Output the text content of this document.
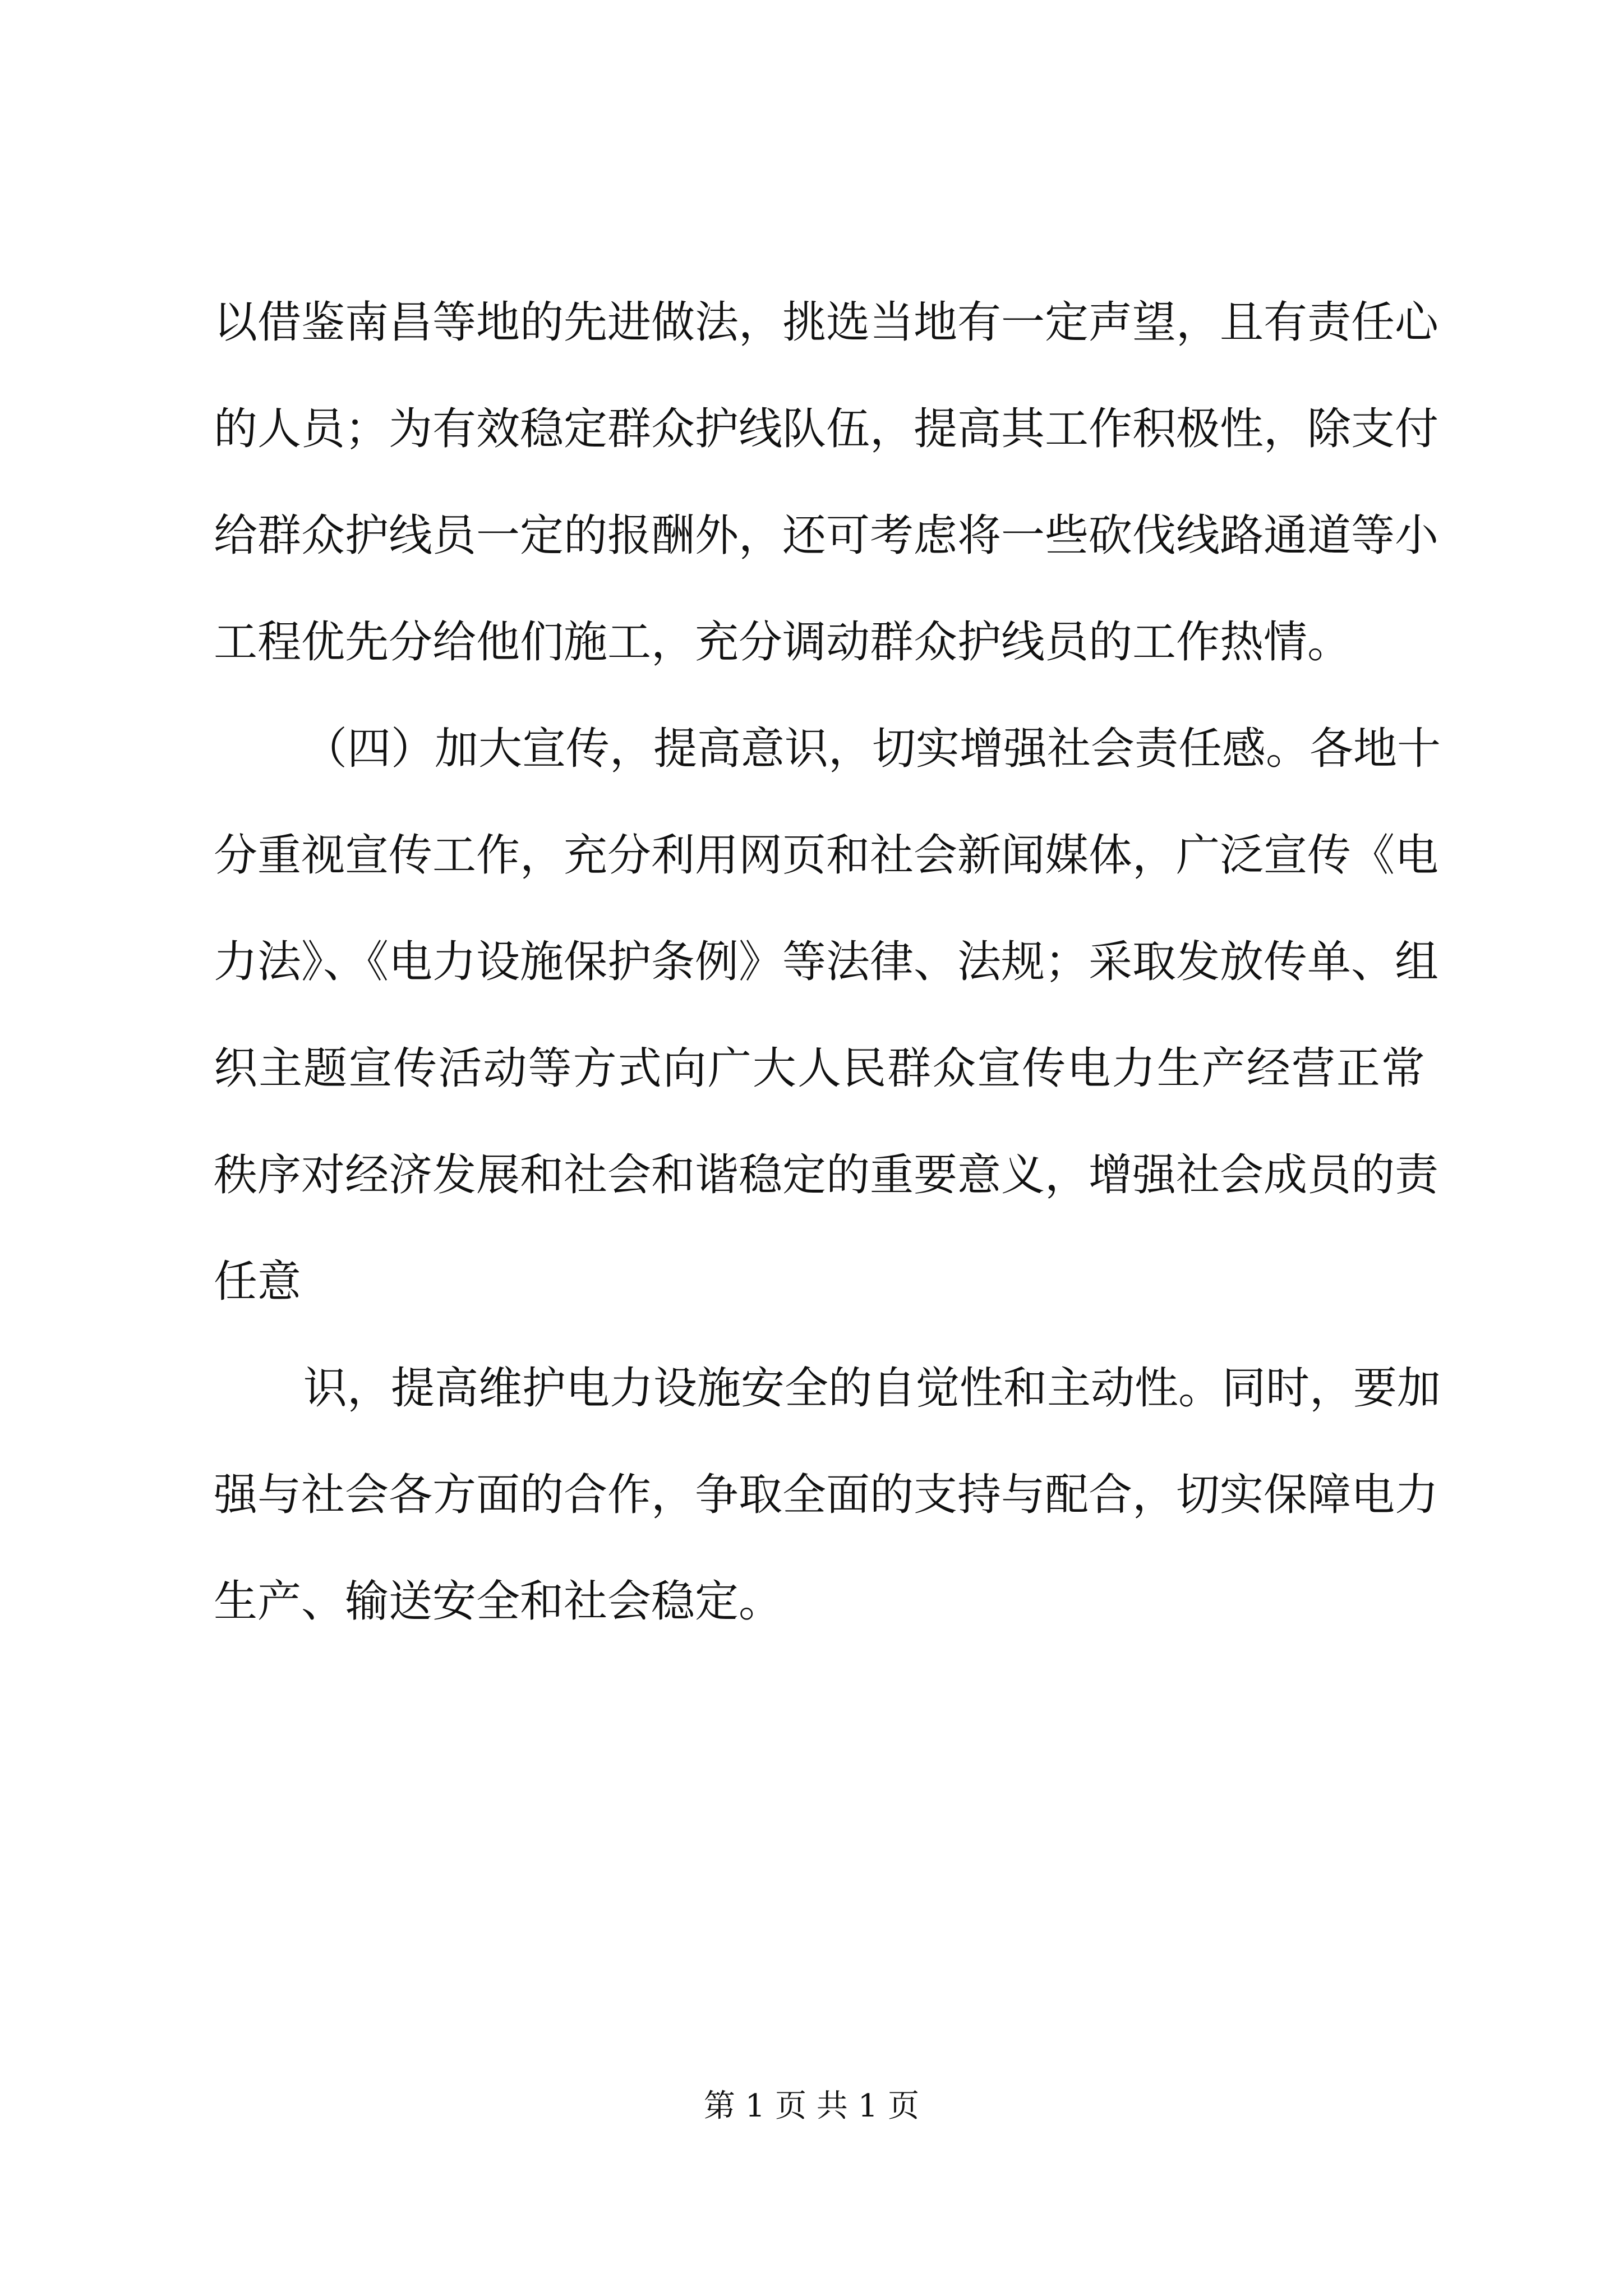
以借鉴南昌等地的先进做法，挑选当地有一定声望，且有责任心
的人员；为有效稳定群众护线队伍，提高其工作积极性，除支付
给群众护线员一定的报酬外，还可考虑将一些砍伐线路通道等小
工程优先分给他们施工，充分调动群众护线员的工作热情。
（四）加大宣传，提高意识，切实增强社会责任感。各地十
分重视宣传工作，充分利用网页和社会新闻媒体，广泛宣传《电
力法》、《电力设施保护条例》等法律、法规；采取发放传单、组
织主题宣传活动等方式向广大人民群众宣传电力生产经营正常
秩序对经济发展和社会和谐稳定的重要意义，增强社会成员的责
任意
识，提高维护电力设施安全的自觉性和主动性。同时，要加
强与社会各方面的合作，争取全面的支持与配合，切实保障电力
生产、输送安全和社会稳定。
第 1 页 共 1 页
